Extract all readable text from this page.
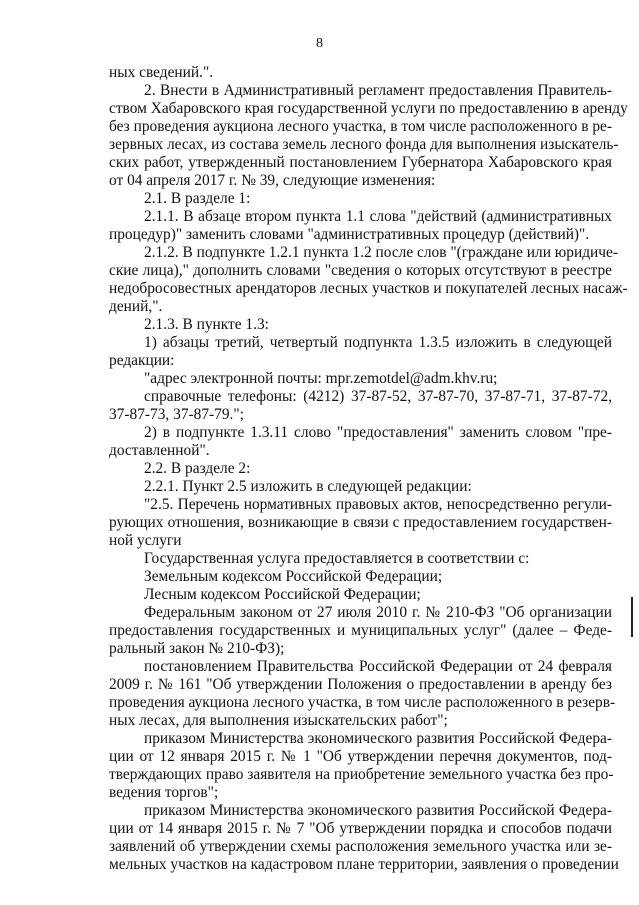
8
ных сведений.".
2. Внести в Административный регламент предоставления Правитель-
ством Хабаровского края государственной услуги по предоставлению в аренду
без проведения аукциона лесного участка, в том числе расположенного в ре-
зервных лесах, из состава земель лесного фонда для выполнения изыскатель-
ских работ, утвержденный постановлением Губернатора Хабаровского края
от 04 апреля 2017 г. № 39, следующие изменения:
2.1. В разделе 1:
2.1.1. В абзаце втором пункта 1.1 слова "действий (административных
процедур)" заменить словами "административных процедур (действий)".
2.1.2. В подпункте 1.2.1 пункта 1.2 после слов "(граждане или юридиче-
ские лица)," дополнить словами "сведения о которых отсутствуют в реестре
недобросовестных арендаторов лесных участков и покупателей лесных насаж-
дений,".
2.1.3. В пункте 1.3:
1) абзацы третий, четвертый подпункта 1.3.5 изложить в следующей
редакции:
"адрес электронной почты: mpr.zemotdel@adm.khv.ru;
справочные телефоны: (4212) 37-87-52, 37-87-70, 37-87-71, 37-87-72,
37-87-73, 37-87-79.";
2) в подпункте 1.3.11 слово "предоставления" заменить словом "пре-
доставленной".
2.2. В разделе 2:
2.2.1. Пункт 2.5 изложить в следующей редакции:
"2.5. Перечень нормативных правовых актов, непосредственно регули-
рующих отношения, возникающие в связи с предоставлением государствен-
ной услуги
Государственная услуга предоставляется в соответствии с:
Земельным кодексом Российской Федерации;
Лесным кодексом Российской Федерации;
Федеральным законом от 27 июля 2010 г. № 210-ФЗ "Об организации
предоставления государственных и муниципальных услуг" (далее – Феде-
ральный закон № 210-ФЗ);
постановлением Правительства Российской Федерации от 24 февраля
2009 г. № 161 "Об утверждении Положения о предоставлении в аренду без
проведения аукциона лесного участка, в том числе расположенного в резерв-
ных лесах, для выполнения изыскательских работ";
приказом Министерства экономического развития Российской Федера-
ции от 12 января 2015 г. № 1 "Об утверждении перечня документов, под-
тверждающих право заявителя на приобретение земельного участка без про-
ведения торгов";
приказом Министерства экономического развития Российской Федера-
ции от 14 января 2015 г. № 7 "Об утверждении порядка и способов подачи
заявлений об утверждении схемы расположения земельного участка или зе-
мельных участков на кадастровом плане территории, заявления о проведении
